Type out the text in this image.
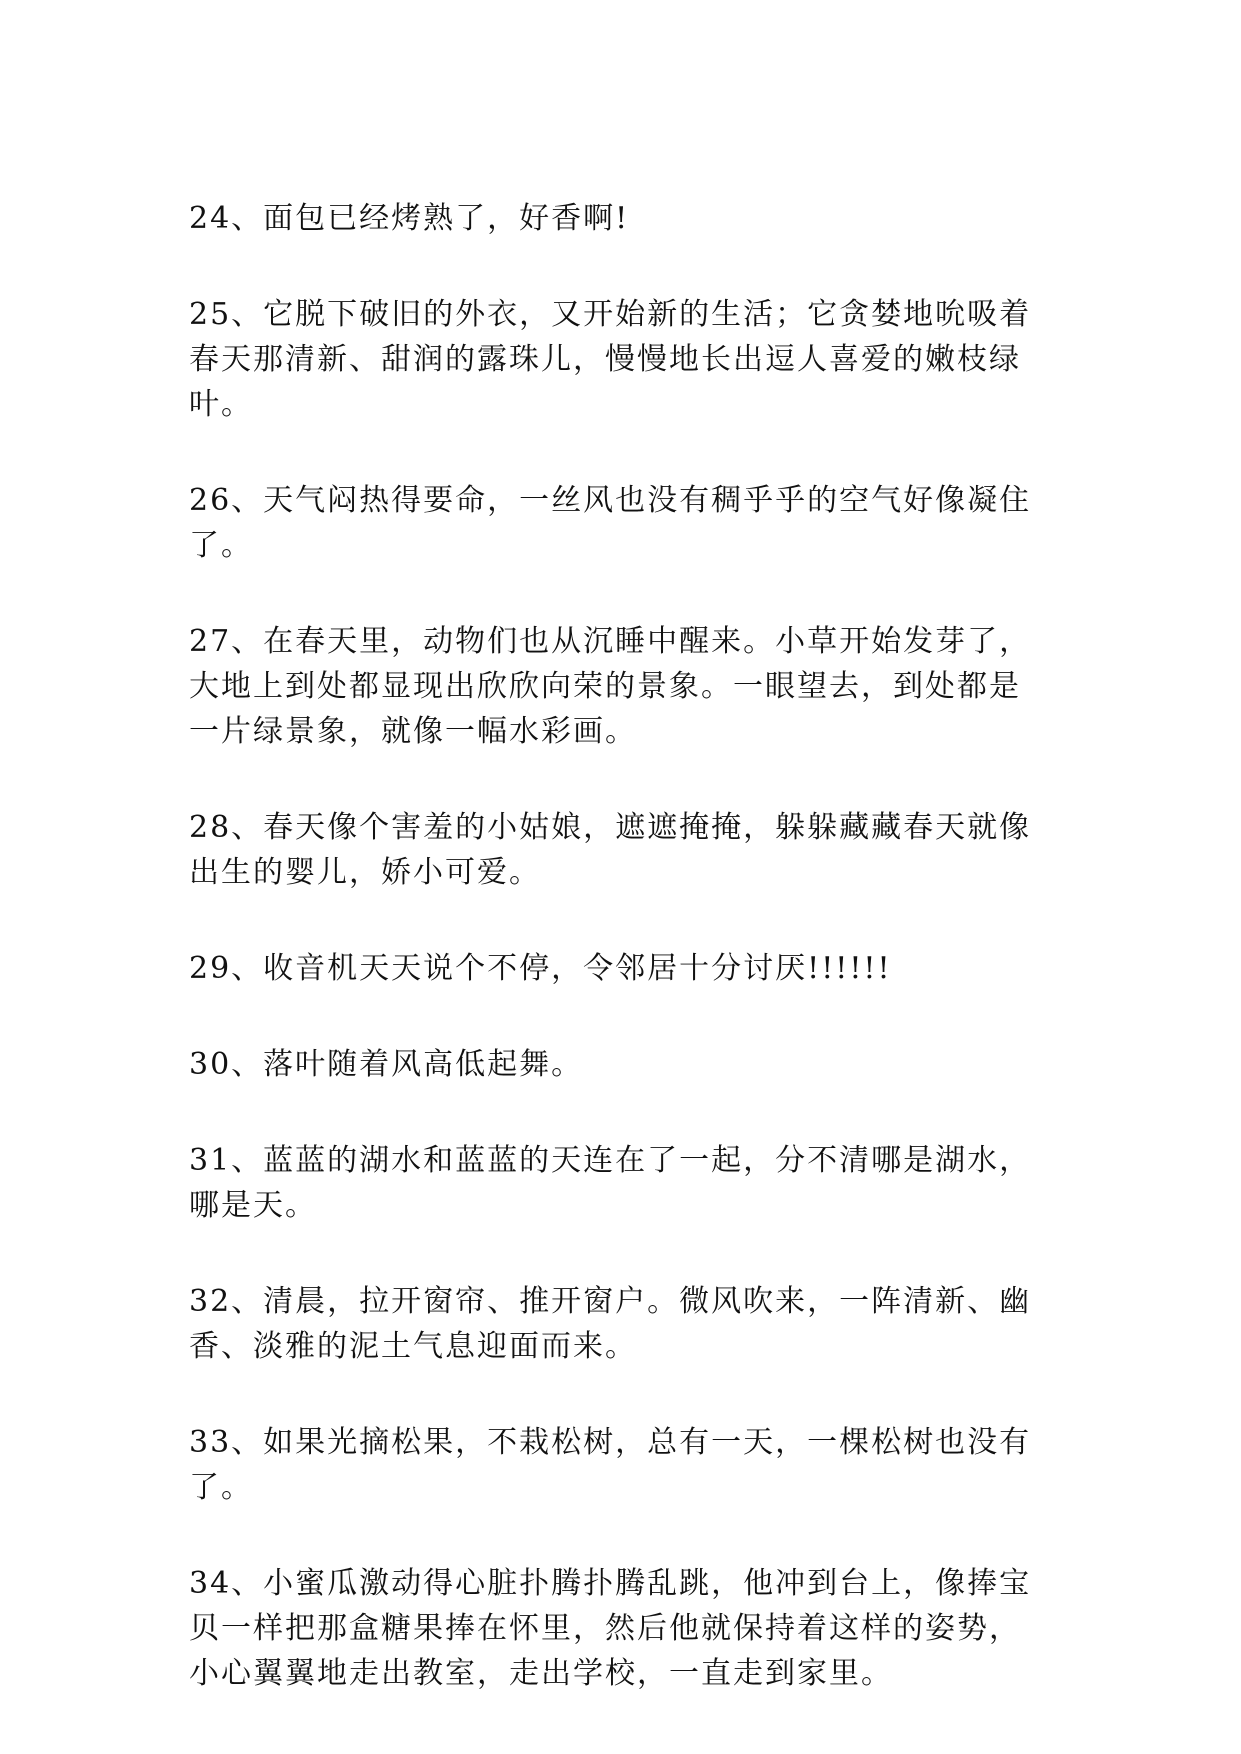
24、面包已经烤熟了，好香啊!

25、它脱下破旧的外衣，又开始新的生活；它贪婪地吮吸着
春天那清新、甜润的露珠儿，慢慢地长出逗人喜爱的嫩枝绿
叶。

26、天气闷热得要命，一丝风也没有稠乎乎的空气好像凝住
了。

27、在春天里，动物们也从沉睡中醒来。小草开始发芽了，
大地上到处都显现出欣欣向荣的景象。一眼望去，到处都是
一片绿景象，就像一幅水彩画。

28、春天像个害羞的小姑娘，遮遮掩掩，躲躲藏藏春天就像
出生的婴儿，娇小可爱。

29、收音机天天说个不停，令邻居十分讨厌!!!!!!

30、落叶随着风高低起舞。

31、蓝蓝的湖水和蓝蓝的天连在了一起，分不清哪是湖水，
哪是天。

32、清晨，拉开窗帘、推开窗户。微风吹来，一阵清新、幽
香、淡雅的泥土气息迎面而来。

33、如果光摘松果，不栽松树，总有一天，一棵松树也没有
了。

34、小蜜瓜激动得心脏扑腾扑腾乱跳，他冲到台上，像捧宝
贝一样把那盒糖果捧在怀里，然后他就保持着这样的姿势，
小心翼翼地走出教室，走出学校，一直走到家里。
